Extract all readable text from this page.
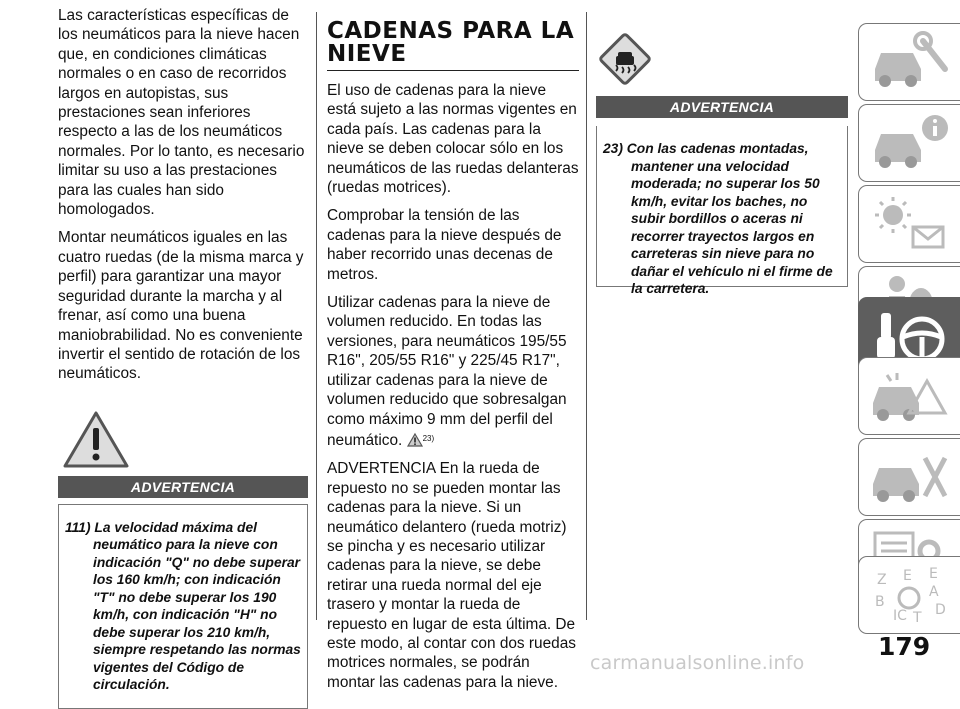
Las características específicas de los neumáticos para la nieve hacen que, en condiciones climáticas normales o en caso de recorridos largos en autopistas, sus prestaciones sean inferiores respecto a las de los neumáticos normales. Por lo tanto, es necesario limitar su uso a las prestaciones para las cuales han sido homologados.

Montar neumáticos iguales en las cuatro ruedas (de la misma marca y perfil) para garantizar una mayor seguridad durante la marcha y al frenar, así como una buena maniobrabilidad. No es conveniente invertir el sentido de rotación de los neumáticos.

ADVERTENCIA
111) La velocidad máxima del
neumático para la nieve con indicación "Q" no debe superar los 160 km/h; con indicación "T" no debe superar los 190 km/h, con indicación "H" no debe superar los 210 km/h, siempre respetando las normas vigentes del Código de circulación.
CADENAS PARA LA NIEVE

El uso de cadenas para la nieve está sujeto a las normas vigentes en cada país. Las cadenas para la nieve se deben colocar sólo en los neumáticos de las ruedas delanteras (ruedas motrices).

Comprobar la tensión de las cadenas para la nieve después de haber recorrido unas decenas de metros.

Utilizar cadenas para la nieve de volumen reducido. En todas las versiones, para neumáticos 195/55 R16", 205/55 R16" y 225/45 R17", utilizar cadenas para la nieve de volumen reducido que sobresalgan como máximo 9 mm del perfil del neumático.	$^{23)}$

ADVERTENCIA En la rueda de repuesto no se pueden montar las cadenas para la nieve. Si un neumático delantero (rueda motriz) se pincha y es necesario utilizar cadenas para la nieve, se debe retirar una rueda normal del eje trasero y montar la rueda de repuesto en lugar de esta última. De este modo, al contar con dos ruedas motrices normales, se podrán montar las cadenas para la nieve.

ADVERTENCIA
23) Con las cadenas montadas,
mantener una velocidad moderada; no superar los 50 km/h, evitar los baches, no subir bordillos o aceras ni recorrer trayectos largos en carreteras sin nieve para no dañar el vehículo ni el firme de la carretera.
Z E E
A
B
IC T D
179
carmanualsonline.info
